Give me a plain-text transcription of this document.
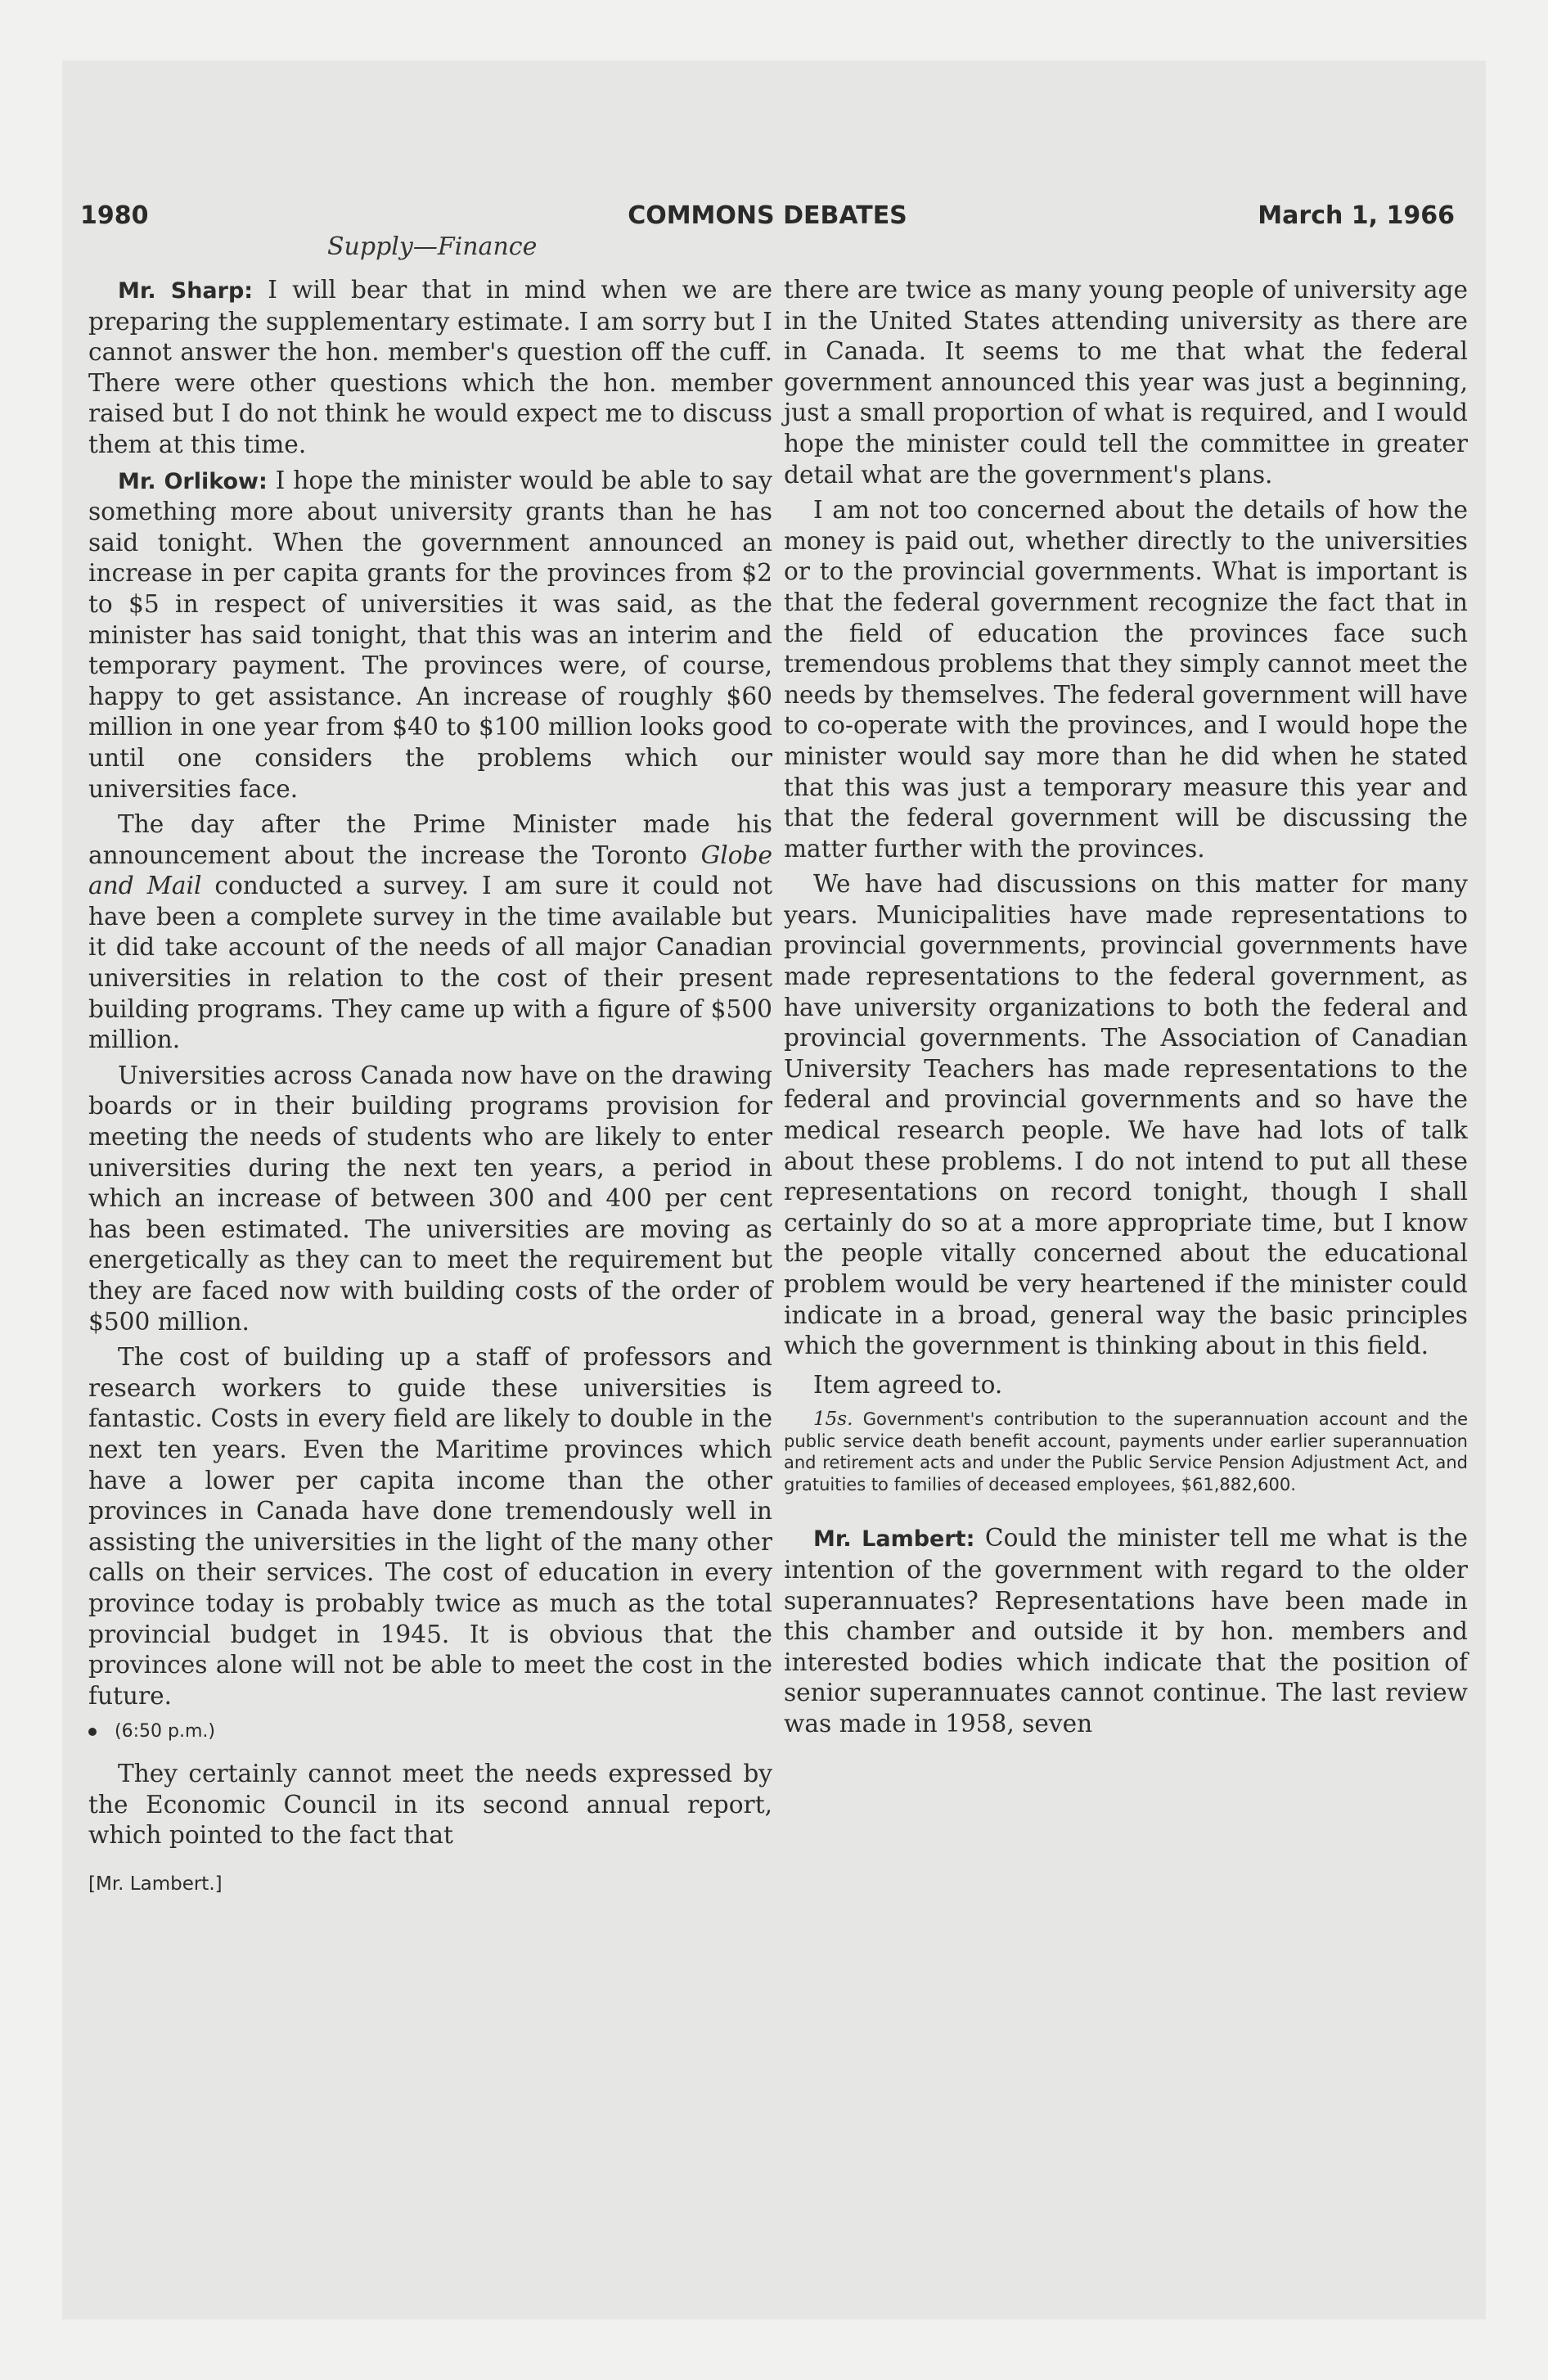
1980	COMMONS DEBATES	March 1, 1966
Supply—Finance

Mr. Sharp: I will bear that in mind when we are preparing the supplementary estimate. I am sorry but I cannot answer the hon. member's question off the cuff. There were other questions which the hon. member raised but I do not think he would expect me to discuss them at this time.

Mr. Orlikow: I hope the minister would be able to say something more about university grants than he has said tonight. When the government announced an increase in per capita grants for the provinces from $2 to $5 in respect of universities it was said, as the minister has said tonight, that this was an interim and temporary payment. The provinces were, of course, happy to get assistance. An increase of roughly $60 million in one year from $40 to $100 million looks good until one considers the problems which our universities face.

The day after the Prime Minister made his announcement about the increase the Toronto Globe and Mail conducted a survey. I am sure it could not have been a complete survey in the time available but it did take account of the needs of all major Canadian universities in relation to the cost of their present building programs. They came up with a figure of $500 million.

Universities across Canada now have on the drawing boards or in their building programs provision for meeting the needs of students who are likely to enter universities during the next ten years, a period in which an increase of between 300 and 400 per cent has been estimated. The universities are moving as energetically as they can to meet the requirement but they are faced now with building costs of the order of $500 million.

The cost of building up a staff of professors and research workers to guide these universities is fantastic. Costs in every field are likely to double in the next ten years. Even the Maritime provinces which have a lower per capita income than the other provinces in Canada have done tremendously well in assisting the universities in the light of the many other calls on their services. The cost of education in every province today is probably twice as much as the total provincial budget in 1945. It is obvious that the provinces alone will not be able to meet the cost in the future.

(6:50 p.m.)

They certainly cannot meet the needs expressed by the Economic Council in its second annual report, which pointed to the fact that

[Mr. Lambert.]

there are twice as many young people of university age in the United States attending university as there are in Canada. It seems to me that what the federal government announced this year was just a beginning, just a small proportion of what is required, and I would hope the minister could tell the committee in greater detail what are the government's plans.

I am not too concerned about the details of how the money is paid out, whether directly to the universities or to the provincial governments. What is important is that the federal government recognize the fact that in the field of education the provinces face such tremendous problems that they simply cannot meet the needs by themselves. The federal government will have to co-operate with the provinces, and I would hope the minister would say more than he did when he stated that this was just a temporary measure this year and that the federal government will be discussing the matter further with the provinces.

We have had discussions on this matter for many years. Municipalities have made representations to provincial governments, provincial governments have made representations to the federal government, as have university organizations to both the federal and provincial governments. The Association of Canadian University Teachers has made representations to the federal and provincial governments and so have the medical research people. We have had lots of talk about these problems. I do not intend to put all these representations on record tonight, though I shall certainly do so at a more appropriate time, but I know the people vitally concerned about the educational problem would be very heartened if the minister could indicate in a broad, general way the basic principles which the government is thinking about in this field.

Item agreed to.

15s. Government's contribution to the superannuation account and the public service death benefit account, payments under earlier superannuation and retirement acts and under the Public Service Pension Adjustment Act, and gratuities to families of deceased employees, $61,882,600.

Mr. Lambert: Could the minister tell me what is the intention of the government with regard to the older superannuates? Representations have been made in this chamber and outside it by hon. members and interested bodies which indicate that the position of senior superannuates cannot continue. The last review was made in 1958, seven
